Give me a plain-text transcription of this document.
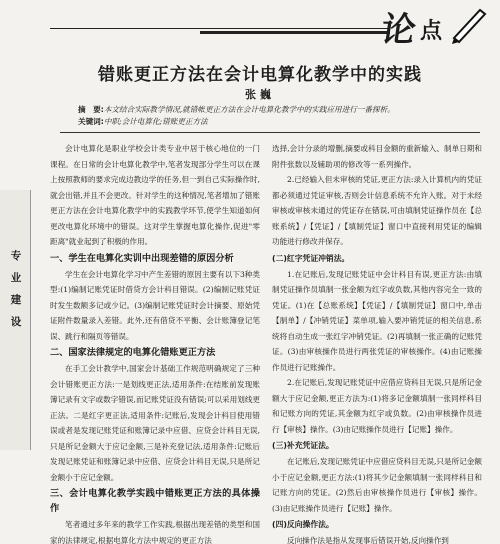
论 点
错账更正方法在会计电算化教学中的实践
张巍
摘　要:本文结合实际教学情况,就错帐更正方法在会计电算化教学中的实践应用进行一番探析。
关键词:中职;会计电算化;错账更正方法
专
业
建
设

会计电算化是职业学校会计类专业中居于核心地位的一门课程。在日常的会计电算化教学中,笔者发现部分学生可以在课上按照教师的要求完成边教边学的任务,但一到自己实际操作时,就会出错,并且不会更改。针对学生的这种情况,笔者增加了错账更正方法在会计电算化教学中的实践教学环节,使学生知道如何更改电算化环境中的错误。这对学生掌握电算化操作,促进"零距离"就业起到了积极的作用。

一、学生在电算化实训中出现差错的原因分析

学生在会计电算化学习中产生差错的原因主要有以下3种类型:(1)编制记账凭证时借贷方会计科目错误。(2)编制记账凭证时发生数额多记或少记。(3)编制记账凭证时会计摘要、原始凭证附件数量录入差错。此外,还有借贷不平衡、会计账簿登记笔误、跳行和隔页等错误。

二、国家法律规定的电算化错账更正方法

在手工会计教学中,国家会计基础工作规范明确规定了三种会计错账更正方法:一是划线更正法,适用条件:在结账前发现账簿记录有文字或数字错误,而记账凭证没有错误;可以采用划线更正法。二是红字更正法,适用条件:记账后,发现会计科目使用错误或者是发现记账凭证和账簿记录中应借、应贷会计科目无误,只是所记金额大于应记金额,三是补充登记法,适用条件:记账后发现记账凭证和账簿记录中应借、应贷会计科目无误,只是所记金额小于应记金额。

三、会计电算化教学实践中错账更正方法的具体操作

笔者通过多年来的教学工作实践,根据出现差错的类型和国家的法律规定,根据电算化方法中规定的更正方法

选择,会计分录的增删,摘要或科目金额的重新输入、制单日期和附件张数以及辅助项的修改等一系列操作。

2.已经输入但未审核的凭证,更正方法:录入计算机内的凭证都必须通过凭证审核,否则会计信息系统不允许入账。对于未经审核或审核未通过的凭证存在错误,可由填制凭证操作员在【总账系统】/【凭证】/【填制凭证】窗口中直接利用凭证的编辑功能进行修改并保存。

(二)红字凭证冲销法。

1.在记账后,发现记账凭证中会计科目有误,更正方法:由填制凭证操作员填制一张金额为红字或负数,其他内容完全一致的凭证。(1)在【总账系统】【凭证】/【填制凭证】窗口中,单击【制单】/【冲销凭证】菜单项,输入要冲销凭证的相关信息,系统将自动生成一张红字冲销凭证。(2)再填制一张正确的记账凭证。(3)由审核操作员进行两张凭证的审核操作。(4)由记账操作员进行记账操作。

2.在记账后,发现记账凭证中应借应贷科目无误,只是所记金额大于应记金额,更正方法为:(1)将多记金额填制一张同样科目和记账方向的凭证,其金额为红字或负数。(2)由审核操作员进行【审核】操作。(3)由记账操作员进行【记账】操作。

(三)补充凭证法。

在记账后,发现记账凭证中应借应贷科目无误,只是所记金额小于应记金额,更正方法:(1)将其少记金额填制一张同样科目和记账方向的凭证。(2)然后由审核操作员进行【审核】操作。(3)由记账操作员进行【记账】操作。

(四)反向操作法。

反向操作法是指从发现事后错误开始,反向操作到
